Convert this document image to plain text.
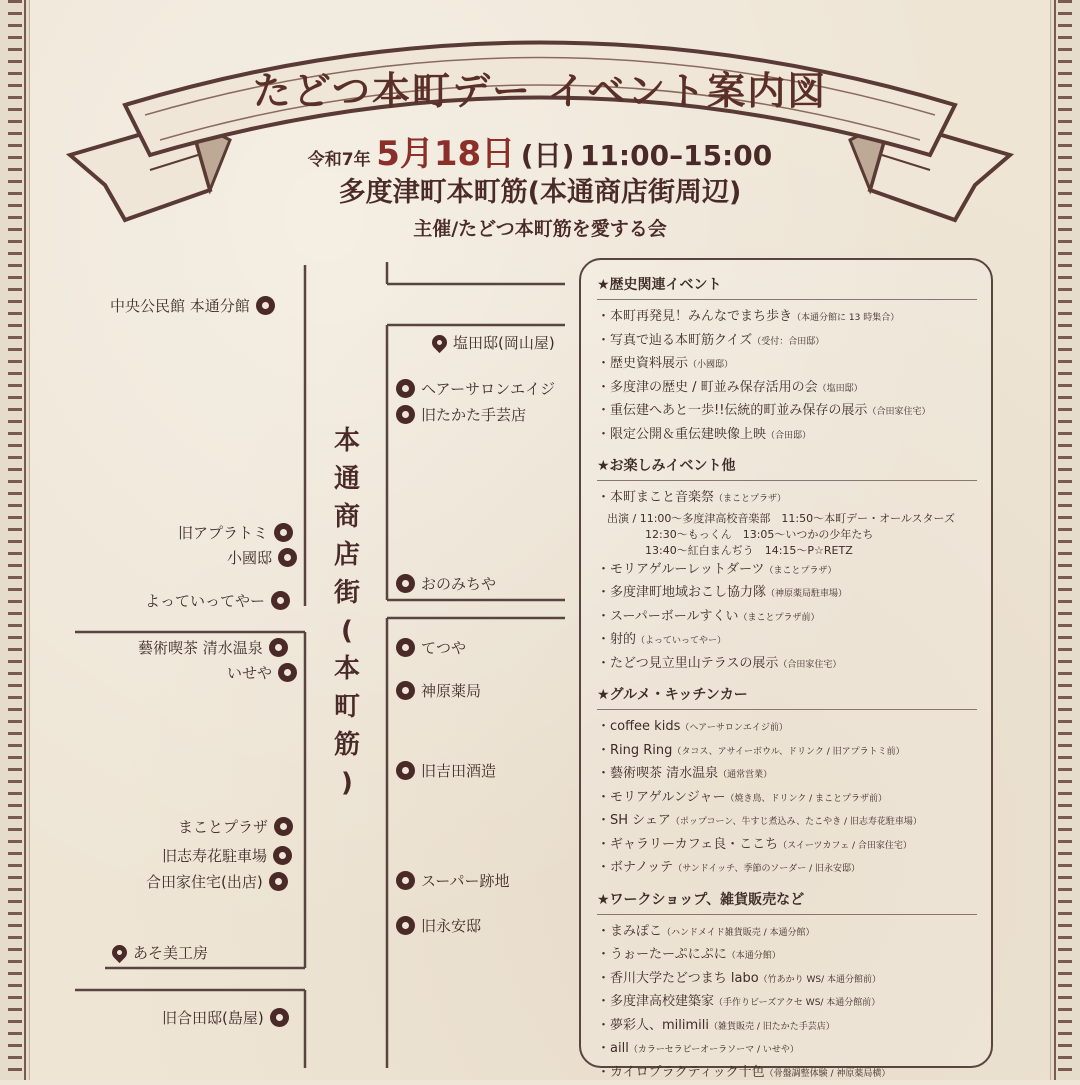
たどつ本町デー イベント案内図
令和7年 5月18日 (日) 11:00–15:00
多度津町本町筋(本通商店街周辺)
主催/たどつ本町筋を愛する会
中央公民館 本通分館
旧アプラトミ
小國邸
よっていってやー
藝術喫茶 清水温泉
いせや
まことプラザ
旧志寿花駐車場
合田家住宅(出店)
あそ美工房
旧合田邸(島屋)
本
通
商
店
街
(
本
町
筋
)
塩田邸(岡山屋)
ヘアーサロンエイジ
旧たかた手芸店
おのみちや
てつや
神原薬局
旧吉田酒造
スーパー跡地
旧永安邸
★歴史関連イベント
・本町再発見！みんなでまち歩き（本通分館に 13 時集合）
・写真で辿る本町筋クイズ（受付：合田邸）
・歴史資料展示（小國邸）
・多度津の歴史 / 町並み保存活用の会（塩田邸）
・重伝建へあと一歩!!伝統的町並み保存の展示（合田家住宅）
・限定公開＆重伝建映像上映（合田邸）
★お楽しみイベント他
・本町まこと音楽祭（まことプラザ）
出演 / 11:00～多度津高校音楽部　11:50～本町デー・オールスターズ
12:30～もっくん　13:05～いつかの少年たち
13:40～紅白まんぢう　14:15～P☆RETZ
・モリアゲルーレットダーツ（まことプラザ）
・多度津町地域おこし協力隊（神原薬局駐車場）
・スーパーボールすくい（まことプラザ前）
・射的（よっていってやー）
・たどつ見立里山テラスの展示（合田家住宅）
★グルメ・キッチンカー
・coffee kids（ヘアーサロンエイジ前）
・Ring Ring（タコス、アサイーボウル、ドリンク / 旧アプラトミ前）
・藝術喫茶 清水温泉（通常営業）
・モリアゲルンジャー（焼き鳥、ドリンク / まことプラザ前）
・SH シェア（ポップコーン、牛すじ煮込み、たこやき / 旧志寿花駐車場）
・ギャラリーカフェ良・ここち（スイーツカフェ / 合田家住宅）
・ボナノッテ（サンドイッチ、季節のソーダー / 旧永安邸）
★ワークショップ、雑貨販売など
・まみぽこ（ハンドメイド雑貨販売 / 本通分館）
・うぉーたーぷにぷに（本通分館）
・香川大学たどつまち labo（竹あかり WS/ 本通分館前）
・多度津高校建築家（手作りビーズアクセ WS/ 本通分館前）
・夢彩人、milimili（雑貨販売 / 旧たかた手芸店）
・aill（カラーセラピーオーラソーマ / いせや）
・カイロプラクティック十色（骨盤調整体験 / 神原薬局横）
